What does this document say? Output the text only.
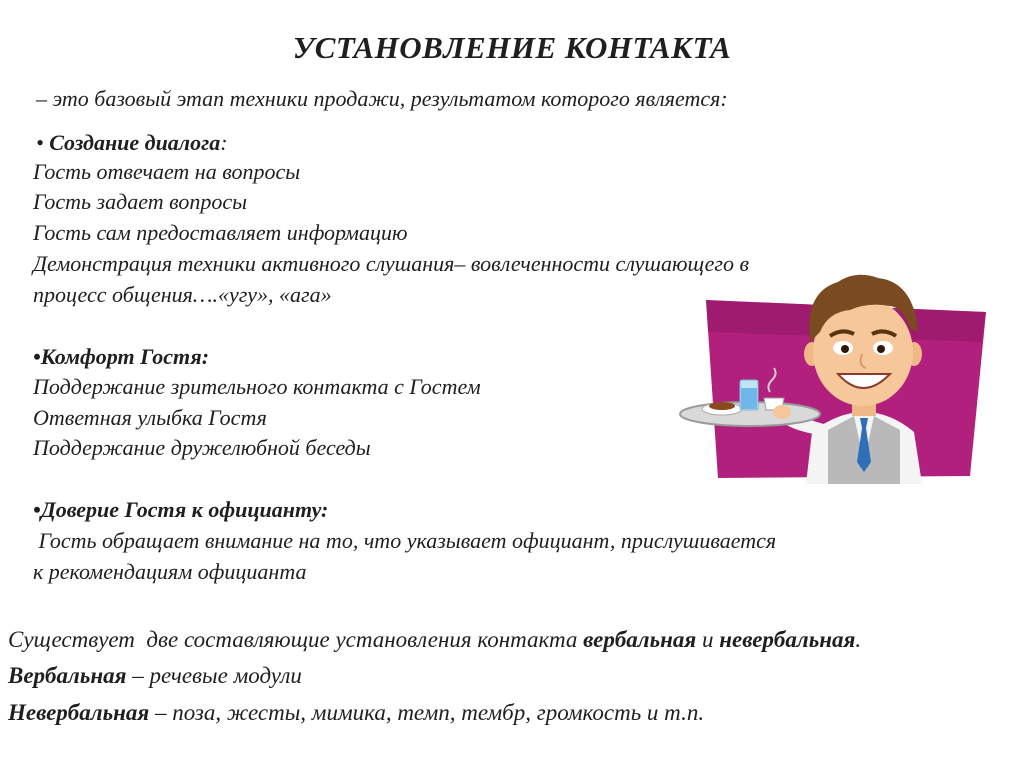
УСТАНОВЛЕНИЕ КОНТАКТА
– это базовый этап техники продажи, результатом которого является:
• Создание диалога:
Гость отвечает на вопросы
Гость задает вопросы
Гость сам предоставляет информацию
Демонстрация техники активного слушания– вовлеченности слушающего в
процесс общения….«угу», «ага»
•Комфорт Гостя:
Поддержание зрительного контакта с Гостем
Ответная улыбка Гостя
Поддержание дружелюбной беседы
•Доверие Гостя к официанту:
Гость обращает внимание на то, что указывает официант, прислушивается
к рекомендациям официанта
Существует  две составляющие установления контакта вербальная и невербальная.
Вербальная – речевые модули
Невербальная – поза, жесты, мимика, темп, тембр, громкость и т.п.
